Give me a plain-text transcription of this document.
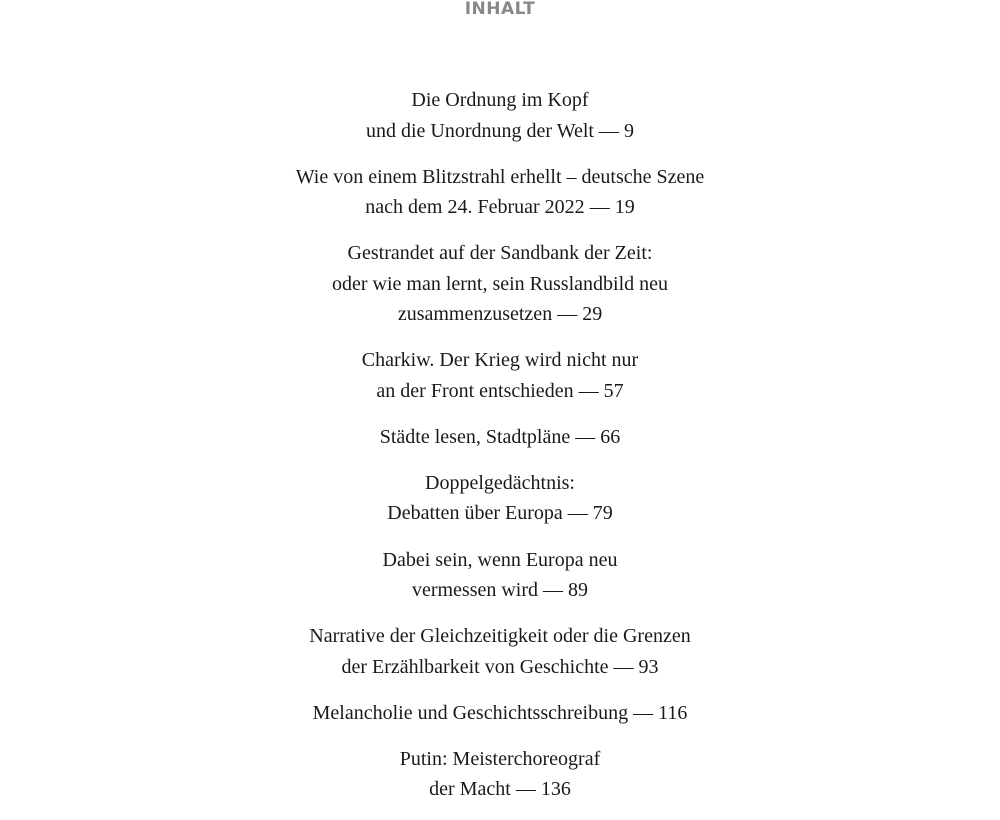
INHALT
Die Ordnung im Kopf
und die Unordnung der Welt — 9
Wie von einem Blitzstrahl erhellt – deutsche Szene
nach dem 24. Februar 2022 — 19
Gestrandet auf der Sandbank der Zeit:
oder wie man lernt, sein Russlandbild neu
zusammenzusetzen — 29
Charkiw. Der Krieg wird nicht nur
an der Front entschieden — 57
Städte lesen, Stadtpläne — 66
Doppelgedächtnis:
Debatten über Europa — 79
Dabei sein, wenn Europa neu
vermessen wird — 89
Narrative der Gleichzeitigkeit oder die Grenzen
der Erzählbarkeit von Geschichte — 93
Melancholie und Geschichtsschreibung — 116
Putin: Meisterchoreograf
der Macht — 136
